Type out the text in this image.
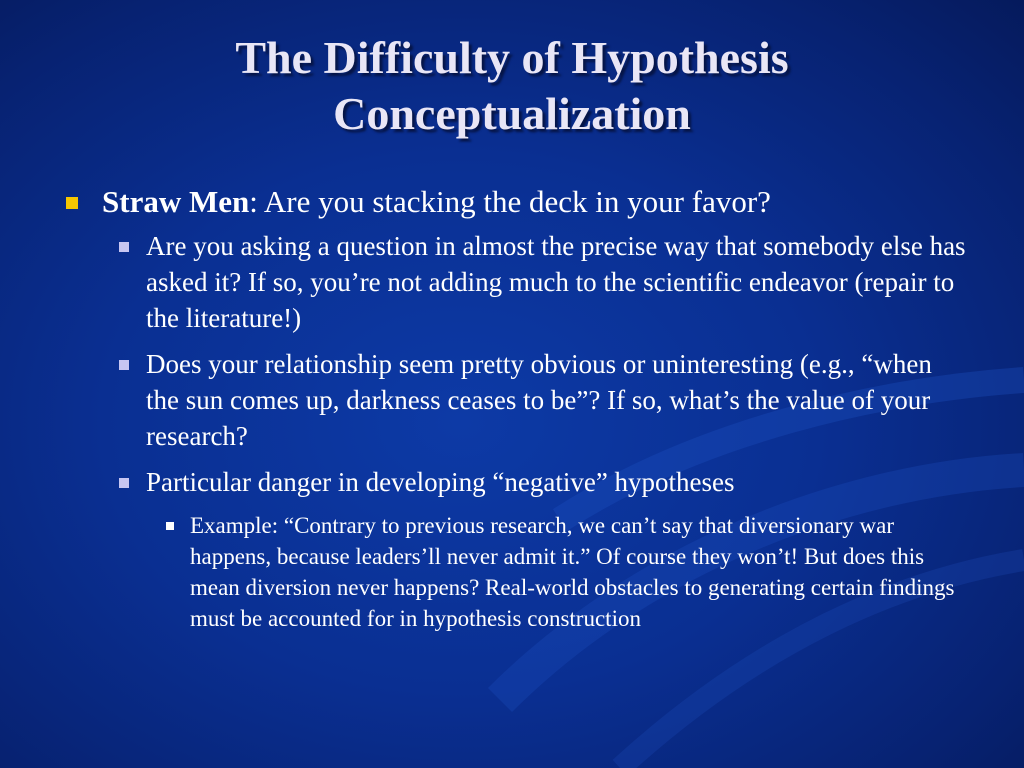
The Difficulty of Hypothesis
Conceptualization
Straw Men: Are you stacking the deck in your favor?
Are you asking a question in almost the precise way that somebody else has asked it? If so, you’re not adding much to the scientific endeavor (repair to the literature!)
Does your relationship seem pretty obvious or uninteresting (e.g., “when the sun comes up, darkness ceases to be”? If so, what’s the value of your research?
Particular danger in developing “negative” hypotheses
Example: “Contrary to previous research, we can’t say that diversionary war happens, because leaders’ll never admit it.” Of course they won’t! But does this mean diversion never happens? Real-world obstacles to generating certain findings must be accounted for in hypothesis construction
